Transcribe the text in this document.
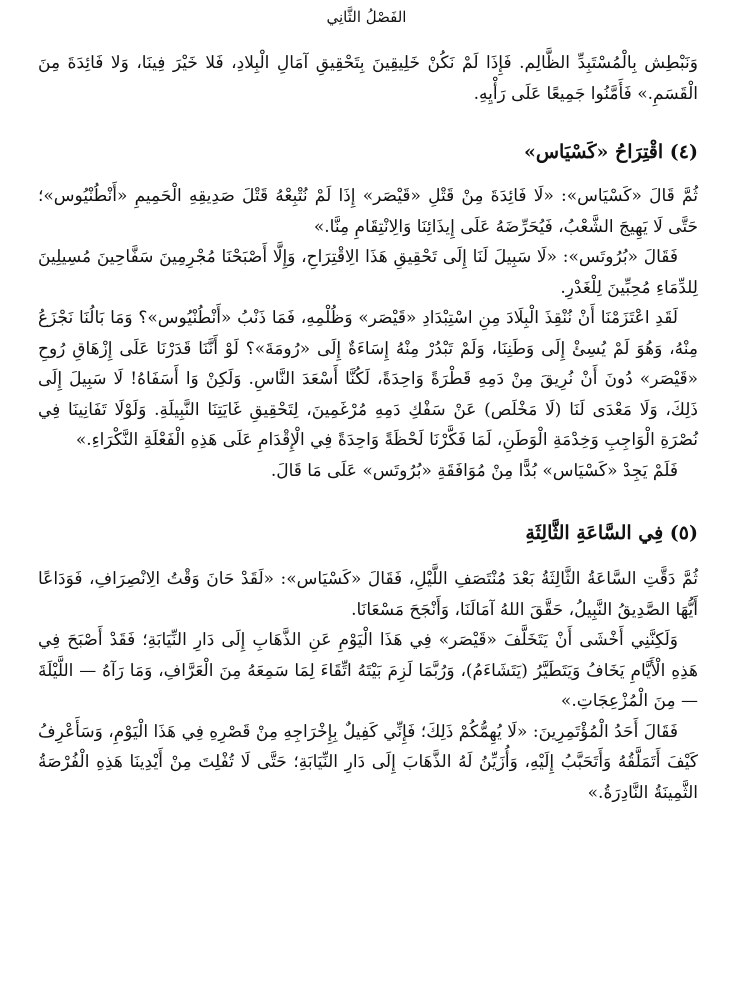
الفَصْلُ الثَّانِي

وَنَبْطِش بِالْمُسْتَبِدِّ الظَّالِم. فَإِذَا لَمْ نَكُنْ خَلِيقِينَ بِتَحْقِيقِ آمَالِ الْبِلادِ، فَلا خَيْرَ فِينَا، وَلا فَائِدَةَ مِنَ الْقَسَمِ.» فَأَمَّنُوا جَمِيعًا عَلَى رَأْيِهِ.

(٤) اقْتِرَاحُ «كَسْيَاس»

ثُمَّ قَالَ «كَسْيَاس»: «لَا فَائِدَةَ مِنْ قَتْلِ «قَيْصَر» إِذَا لَمْ نُتْبِعْهُ قَتْلَ صَدِيقِهِ الْحَمِيمِ «أَنْطُنْيُوس»؛ حَتَّى لَا يَهِيجَ الشَّعْبُ، فَيُحَرِّضَهُ عَلَى إِيذَائِنَا وَالِانْتِقَامِ مِنَّا.»

فَقَالَ «بُرُوتَس»: «لَا سَبِيلَ لَنَا إِلَى تَحْقِيقِ هَذَا الِاقْتِرَاحِ، وَإِلَّا أَصْبَحْنَا مُجْرِمِينَ سَفَّاحِينَ مُسِيلِينَ لِلدِّمَاءِ مُحِبِّينَ لِلْغَدْرِ.

لَقَدِ اعْتَزَمْنَا أَنْ نُنْقِذَ الْبِلَادَ مِنِ اسْتِبْدَادِ «قَيْصَر» وَظُلْمِهِ، فَمَا ذَنْبُ «أَنْطُنْيُوس»؟ وَمَا بَالُنَا نَجْزَعُ مِنْهُ، وَهُوَ لَمْ يُسِئْ إِلَى وَطَنِنَا، وَلَمْ تَبْدُرْ مِنْهُ إِسَاءَةٌ إِلَى «رُومَةَ»؟ لَوْ أَنَّنَا قَدَرْنَا عَلَى إِزْهَاقِ رُوحِ «قَيْصَر» دُونَ أَنْ نُرِيقَ مِنْ دَمِهِ قَطْرَةً وَاحِدَةً، لَكُنَّا أَسْعَدَ النَّاسِ. وَلَكِنْ وَا أَسَفَاهُ! لَا سَبِيلَ إِلَى ذَلِكَ، وَلَا مَعْدَى لَنَا (لَا مَخْلَص) عَنْ سَفْكِ دَمِهِ مُرْغَمِينَ، لِتَحْقِيقِ غَايَتِنَا النَّبِيلَةِ. وَلَوْلَا تَفَانِينَا فِي نُصْرَةِ الْوَاجِبِ وَخِدْمَةِ الْوَطَنِ، لَمَا فَكَّرْنَا لَحْظَةً وَاحِدَةً فِي الْإِقْدَامِ عَلَى هَذِهِ الْفَعْلَةِ النَّكْرَاءِ.»

فَلَمْ يَجِدْ «كَسْيَاس» بُدًّا مِنْ مُوَافَقَةِ «بُرُوتَس» عَلَى مَا قَالَ.

(٥) فِي السَّاعَةِ الثَّالِثَةِ

ثُمَّ دَقَّتِ السَّاعَةُ الثَّالِثَةُ بَعْدَ مُنْتَصَفِ اللَّيْلِ، فَقَالَ «كَسْيَاس»: «لَقَدْ حَانَ وَقْتُ الِانْصِرَافِ، فَوَدَاعًا أَيُّهَا الصَّدِيقُ النَّبِيلُ، حَقَّقَ اللهُ آمَالَنَا، وَأَنْجَحَ مَسْعَانَا.

وَلَكِنَّنِي أَخْشَى أَنْ يَتَخَلَّفَ «قَيْصَر» فِي هَذَا الْيَوْمِ عَنِ الذَّهَابِ إِلَى دَارِ النِّيَابَةِ؛ فَقَدْ أَصْبَحَ فِي هَذِهِ الْأَيَّامِ يَخَافُ وَيَتَطَيَّرُ (يَتَشَاءَمُ)، وَرُبَّمَا لَزِمَ بَيْتَهُ اتِّقَاءَ لِمَا سَمِعَهُ مِنَ الْعَرَّافِ، وَمَا رَآهُ — اللَّيْلَةَ — مِنَ الْمُزْعِجَاتِ.»

فَقَالَ أَحَدُ الْمُؤْتَمِرِينَ: «لَا يُهِمُّكُمْ ذَلِكَ؛ فَإِنِّي كَفِيلٌ بِإِخْرَاجِهِ مِنْ قَصْرِهِ فِي هَذَا الْيَوْمِ، وَسَأَعْرِفُ كَيْفَ أَتَمَلَّقُهُ وَأَتَحَبَّبُ إِلَيْهِ، وَأُزَيِّنُ لَهُ الذَّهَابَ إِلَى دَارِ النِّيَابَةِ؛ حَتَّى لَا تُفْلِتَ مِنْ أَيْدِينَا هَذِهِ الْفُرْصَةُ الثَّمِينَةُ النَّادِرَةُ.»
